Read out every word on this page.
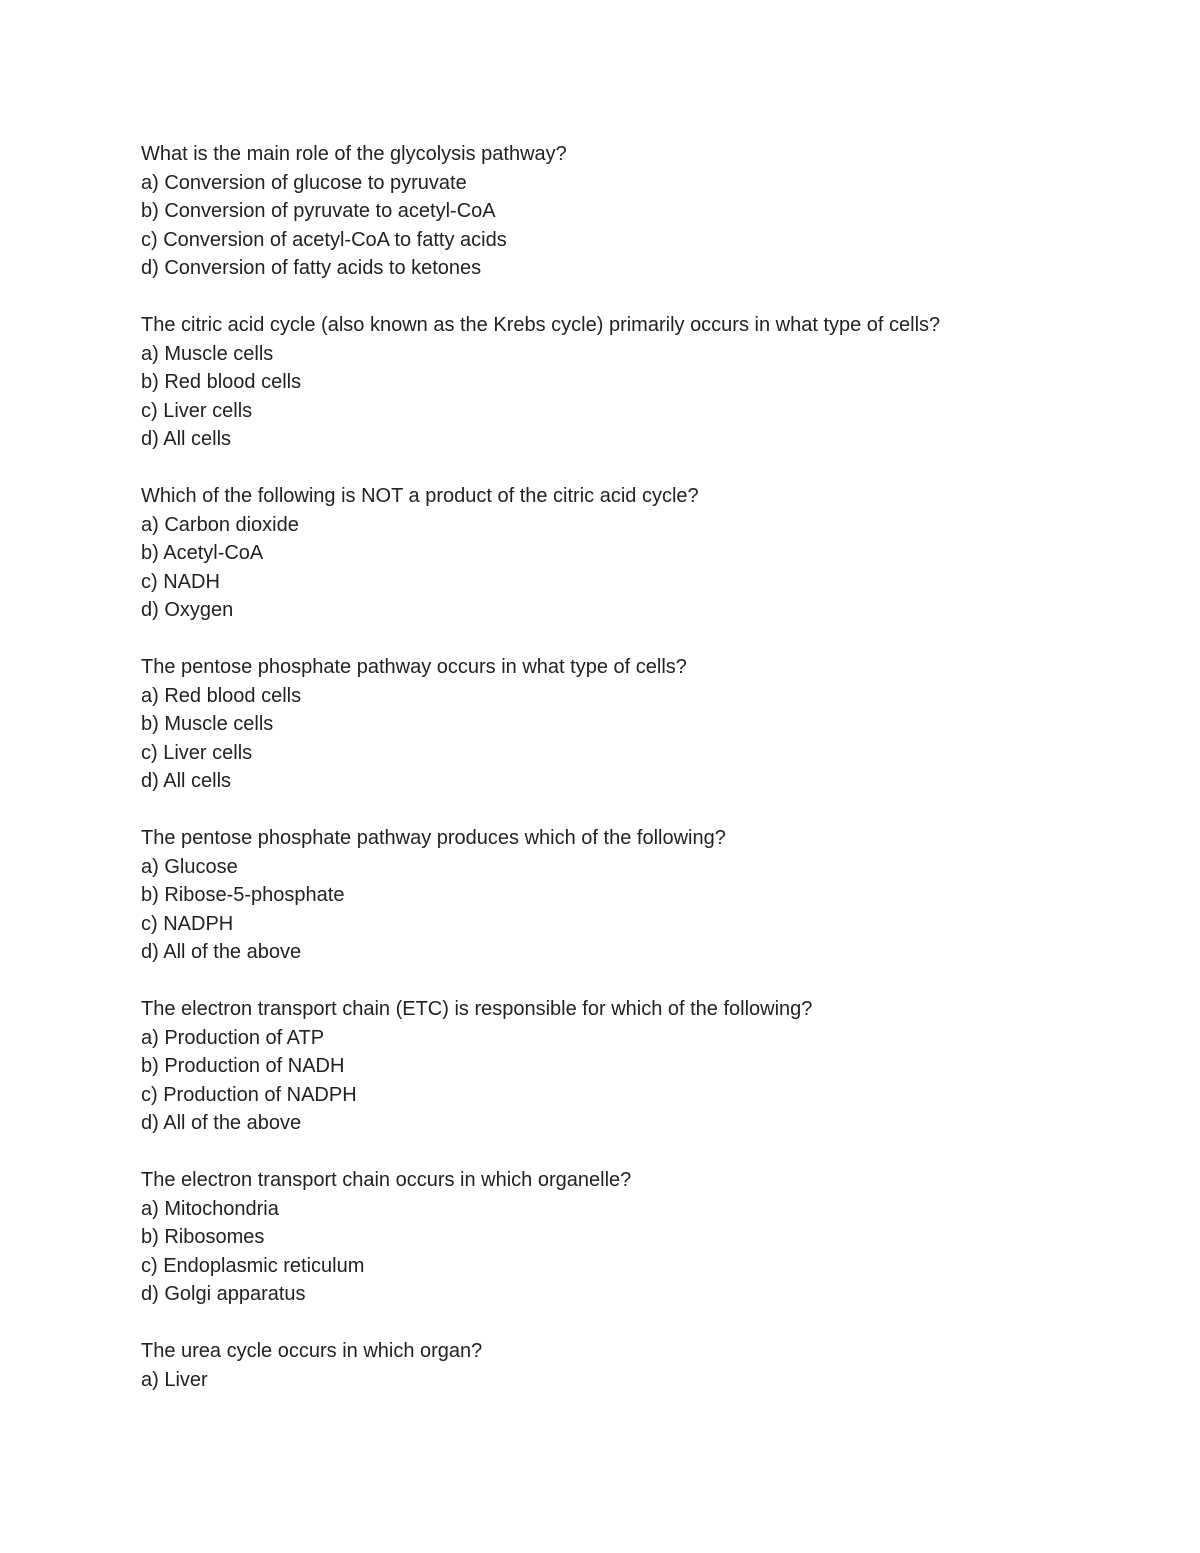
What is the main role of the glycolysis pathway?
a) Conversion of glucose to pyruvate
b) Conversion of pyruvate to acetyl-CoA
c) Conversion of acetyl-CoA to fatty acids
d) Conversion of fatty acids to ketones
The citric acid cycle (also known as the Krebs cycle) primarily occurs in what type of cells?
a) Muscle cells
b) Red blood cells
c) Liver cells
d) All cells
Which of the following is NOT a product of the citric acid cycle?
a) Carbon dioxide
b) Acetyl-CoA
c) NADH
d) Oxygen
The pentose phosphate pathway occurs in what type of cells?
a) Red blood cells
b) Muscle cells
c) Liver cells
d) All cells
The pentose phosphate pathway produces which of the following?
a) Glucose
b) Ribose-5-phosphate
c) NADPH
d) All of the above
The electron transport chain (ETC) is responsible for which of the following?
a) Production of ATP
b) Production of NADH
c) Production of NADPH
d) All of the above
The electron transport chain occurs in which organelle?
a) Mitochondria
b) Ribosomes
c) Endoplasmic reticulum
d) Golgi apparatus
The urea cycle occurs in which organ?
a) Liver
